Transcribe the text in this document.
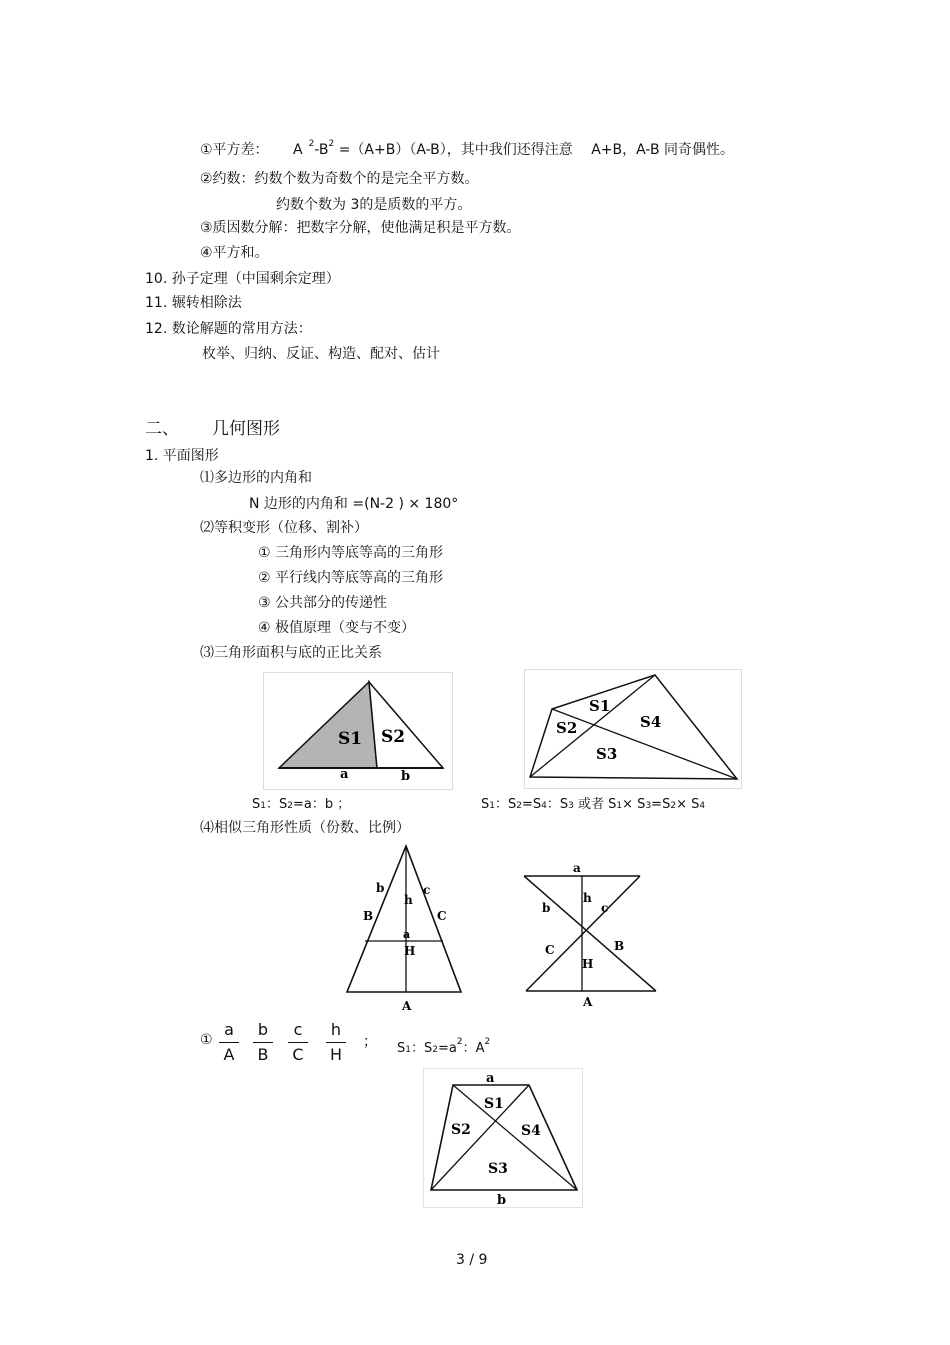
①平方差： A $^2-B^2 =(A+B)(A-B)$，其中我们还得注意 A+B，A-B 同奇偶性。
②约数：约数个数为奇数个的是完全平方数。
约数个数为 3的是质数的平方。
③质因数分解：把数字分解，使他满足积是平方数。
④平方和。
10. 孙子定理（中国剩余定理）
11. 辗转相除法
12. 数论解题的常用方法：
枚举、归纳、反证、构造、配对、估计
二、 几何图形
1. 平面图形
⑴多边形的内角和
N 边形的内角和 =(N-2 ) × 180°
⑵等积变形（位移、割补）
① 三角形内等底等高的三角形
② 平行线内等底等高的三角形
③ 公共部分的传递性
④ 极值原理（变与不变）
⑶三角形面积与底的正比关系
S1 S2
a	b
S1
S2	S4
S3
S1：S2=a：b ；	S1：S2=S4：S3 或者 S1× S3=S2× S4
⑷相似三角形性质（份数、比例）
b	c
h
B	C
a
H
A
a
h
b	c
C	B
H
A
①
a
A
b
B
c
C
h
H
； S1：$S2=a^2$：$A^2$
a
S1
S2	S4
S3
b
3 / 9
